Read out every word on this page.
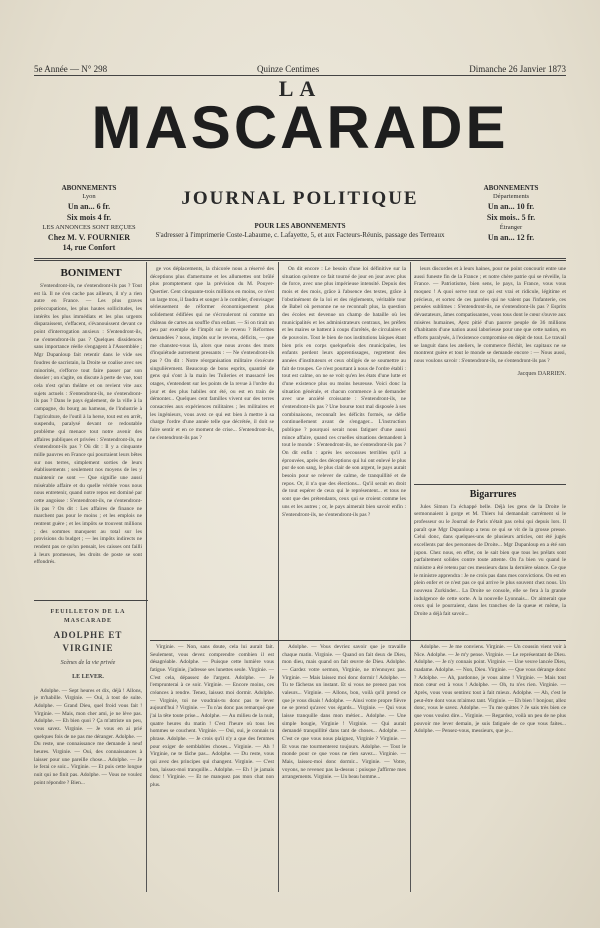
5e Année — N° 298	Quinze Centimes	Dimanche 26 Janvier 1873
LA
MASCARADE
JOURNAL POLITIQUE
ABONNEMENTS
Lyon
Un an... 6 fr.
Six mois 4 fr.
LES ANNONCES SONT REÇUES
Chez M. V. FOURNIER
14, rue Confort
ABONNEMENTS
Départements
Un an... 10 fr.
Six mois.. 5 fr.
Étranger
Un an... 12 fr.
POUR LES ABONNEMENTS
S'adresser à l'imprimerie Coste-Labaume, c. Lafayette, 5, et aux Facteurs-Réunis, passage des Terreaux

BONIMENT

S'entendront-ils, ne s'entendront-ils pas ? Tout est là. Il ne s'en cache pas ailleurs, il n'y a rien autre en France. — Les plus graves préoccupations, les plus hautes sollicitudes, les intérêts les plus immédiats et les plus urgents disparaissent, s'effacent, s'évanouissent devant ce point d'interrogation anxieux : S'entendront-ils, ne s'entendront-ils pas ? Quelques dissidences sans importance réelle s'engagent à l'Assemblée ; Mgr Dupanloup fait retentir dans le vide ses foudres de sacristain, la Droite se coalise avec ses minorités, s'efforce tout faire passer par son dossier ; on s'agite, on discute à perte de vue, tout cela n'est qu'un théâtre et on revient vite aux sujets actuels : S'entendront-ils, ne s'entendront-ils pas ? Dans le pays également, de la ville à la campagne, du bourg au hameau, de l'industrie à l'agriculture, de l'outil à la herse, tout est en arrêt, suspendu, paralysé devant ce redoutable problème qui menace tout notre avenir des affaires publiques et privées : S'entendront-ils, ne s'entendront-ils pas ? Où dit : Il y a cinquante mille pauvres en France qui pourraient leurs bêtes sur nos terres, simplement sorties de leurs établissements ; seulement nos moyens de les y maintenir ne sont — Que signifie une aussi misérable affaire et du quelle véritée vous nous nous entretenir, quand notre repos est dominé par cette angoisse : S'entendront-ils, ne s'entendront-ils pas ? On dit : Les affaires de finance ne marchent pas pour le moins ; et les emplois ne rentrent guère ; et les impôts se trouvent millions ; des sommes manquent au total sur les provisions du budget ; — les impôts indirects ne rendent pas ce qu'on pensait, les caisses ont failli à leurs promesses, les droits de poste se sont effondrés.

ge vos déplacements, la chicorée nous a réservé des déceptions plus d'amertume et les allumettes ont brûlé plus promptement que la prévision du M. Pouyer-Quertier. Cent cinquante-trois millions en moins, ce n'est un large trou, il faudra et songer à le combler, d'envisager sérieusement de réformer économiquement plus solidement édifiées qui ne s'écrouleront ni comme un château de cartes au souffle d'un enfant. — Si on tirait un peu par exemple de l'impôt sur le revenu ? Réformes demandées ? nous, impôts sur le revenu, déficits, — que me chanstez-vous là, alors que nous avons des mots d'inquiétude autrement pressants : — Ne s'entendront-ils pas ? On dit : Notre réorganisation militaire s'exécute singulièrement. Beaucoup de bons esprits, quantité de gens qui s'ont à la main les Tuileries et massacré les otages, s'entendent sur les points de la revue à l'ordre du jour et des plus habiles ont été, ou est en train de démonter... Quelques cent familles vivent sur des terres consacrées aux expériences militaires ; les militaires et les ingénieurs, vous avez ce qui est bien à mettre à sa charge l'ordre d'une année telle que décrétée, il doit se faire sentir et en ce moment de crise... S'entendront-ils, ne s'entendront-ils pas ?

On dit encore : Le besoin d'une loi définitive sur la situation qu'entre ce fait tourné de jour en jour avec plus de force, avec une plus impérieuse intensité. Depuis des mois et des mois, grâce à l'absence des textes, grâce à l'obstinément de la loi et des règlements, véritable tour de Babel où personne ne se reconnaît plus, la question des écoles est devenue un champ de bataille où les municipalités et les administrateurs centraux, les préfets et les maires se battent à coups d'arrêtés, de circulaires et de pouvoirs. Tout le bien de nos institutions laïques étant bien pris en corps quelquefois des municipales, les enfants perdent leurs apprentissages, regrettent des années d'instituteurs et ceux obligés de se soumettre au fait de troupes. Ce n'est pourtant à nous de l'ordre établi : tout est calme, on ne se voit qu'en les états d'une lutte et d'une existence plus ou moins heureuse. Voici donc la situation générale, et chacun commence à se demander avec une anxiété croissante : S'entendront-ils, ne s'entendront-ils pas ? Une bourse tout mal disposée à ses combinaisons, reconnaît les déficits formés, se défie continuellement avant de s'engager... L'instruction publique ? pourquoi serait nous fatiguer d'une aussi mince affaire, quand ces cruelles situations demandent à tout le monde : S'entendront-ils, ne s'entendront-ils pas ? On dit enfin : après les secousses terribles qu'il a éprouvées, après des déceptions qui lui ont enlevé le plus pur de son sang, le plus clair de son argent, le pays aurait besoin pour se relever de calme, de tranquillité et de repos. Or, il n'a que des élections... Qu'il serait en droit de tout espérer de ceux qui le représentent... et tous ne sont que des prétendants, ceux qui se croient comme les uns et les autres ; or, le pays aimerait bien savoir enfin : S'entendront-ils, ne s'entendront-ils pas ?

leurs discordes et à leurs haines, pour ne point concourir entre une aussi funeste fin de la France ; et notre chère patrie qui se réveille, la France. — Patriotisme, bien sens, le pays, la France, vous vous moquez ! A quoi serve tout ce qui est vrai et ridicule, légitime et précieux, et sortez de ces paroles qui ne valent pas l'infanterie, ces pensées sublimes : S'entendront-ils, ne s'entendront-ils pas ? Esprits dévastateurs, âmes compatissantes, vous tous dont le cœur s'ouvre aux misères humaines, Ayez pitié d'un pauvre peuple de 36 millions d'habitants d'une nation aussi laborieuse pour une que cette nation, en efforts paralysés, à l'existence compromise en dépit de tout. Le travail se languit dans les ateliers, le commerce fléchit, les capitaux ne se montrent guère et tout le monde se demande encore : — Nous aussi, nous voulons savoir : S'entendront-ils, ne s'entendront-ils pas ?

Jacques DARRIEN.

Bigarrures

Jules Simon l'a échappé belle. Déjà les gens de la Droite le sermonnaient à gorge et M. Thiers lui demandait carrément si le professeur ou le Journal de Paris n'était pas celui qui depuis lors. Il paraît que Mgr Dupanloup a tenu ce qui se vit de la grosse presse. Celui donc, dans quelques-uns de plusieurs articles, ont été jugés excellents par des personnes de Droite... Mgr Dupanloup en a été son jupon. Chez nous, en effet, on le sait bien que tous les prélats sont parfaitement solides contre toute attente. On l'a bien vu quand le ministre a été retenu par ces messieurs dans la dernière séance. Ce que le ministre apprendra : Je ne crois pas dans mes convictions. On est en plein enfer et ce n'est pas ce qui arrive le plus souvent chez nous. Un nouveau Zurkinder... La Droite se console, elle se fera à la grande indulgence de cette sorte. A la nouvelle Lyonnais... Or aimerait que ceux qui le pourraient, dans les tranches de la queue et même, la Droite a déjà fait savoir...

FEUILLETON DE LA MASCARADE
ADOLPHE ET VIRGINIE
Scènes de la vie privée
LE LEVER.

Adolphe. — Sept heures et dix, déjà ! Allons, je m'habille. Virginie. — Oui, à tout de suite. Adolphe. — Grand Dieu, quel froid vous fait ! Virginie. — Mais, mon cher ami, je ne lève pas. Adolphe. — Eh bien quoi ? Ça m'attriste un peu, vous savez. Virginie. — Je vous en ai prié quelques fois de ne pas me déranger. Adolphe. — Du reste, une connaissance me demande à neuf heures. Virginie. — Oui, des connaissances à laisser pour une pareille chose... Adolphe. — Je le ferai ce soir... Virginie. — Et puis cette longue nuit qui ne finit pas. Adolphe. — Vous ne voulez point répondre ? Bien...

Virginie. — Non, sans doute, cela lui aurait fait. Seulement, vous devez comprendre combien il est désagréable. Adolphe. — Puisque cette lumière vous fatigue. Virginie, j'adresse ses lunettes seule. Virginie. — C'est cela, dépassez de l'argent. Adolphe. — Je l'emprunterai à ce soir. Virginie. — Encore moins, ces créances à rendre. Tenez, laissez moi dormir. Adolphe. — Virginie, toi ne voudrais-tu donc pas te lever aujourd'hui ? Virginie. — Tu n'as donc pas remarqué que j'ai la tête toute prise... Adolphe. — Au milieu de la nuit, quatre heures du matin ! C'est l'heure où tous les hommes se couchent. Virginie. — Oui, oui, je connais ta phrase. Adolphe. — Je crois qu'il n'y a que des femmes pour exiger de semblables choses... Virginie. — Ah ! Virginie, ne te fâche pas... Adolphe. — Du reste, vous qui avez des principes qui changent. Virginie. — C'est bon, laissez-moi tranquille... Adolphe. — Eh ! je jamais donc ! Virginie. — Et ne manquez pas mon chat non plus.

Adolphe. — Vous devriez savoir que je travaille chaque matin. Virginie. — Quand on fait deux de Dieu, mon dieu, mais quand on fait œuvre de Dieu. Adolphe. — Gardez votre sermon, Virginie, ne m'ennuyez pas. Virginie. — Mais laissez moi donc dormir ! Adolphe. — Tu te fâcheras un instant. Et si vous ne prenez pas vos valeurs... Virginie. — Allons, bon, voilà qu'il prend ce que je vous disais ! Adolphe. — Ainsi votre propre fièvre ne se prend qu'avec vos égards... Virginie. — Qui vous laisse tranquille dans mon métier... Adolphe. — Une simple bougie, Virginie ! Virginie. — Qui aurait demandé tranquillité dans tant de choses... Adolphe. — C'est ce que vous nous plaignez, Virginie ? Virginie. — Et vous me tourmenterez toujours. Adolphe. — Tout le monde pour ce que vous ne rien savez... Virginie. — Mais, laissez-moi donc dormir... Virginie. — Votre, voyons, ne revenez pas la-dessus : puisque j'affirme mes arrangements. Virginie. — Un beau homme...

Adolphe. — Je me conviens. Virginie. — Un coussin vient voir à Nice. Adolphe. — Je m'y pense. Virginie. — Le représentant de Dieu. Adolphe. — Je n'y connais point. Virginie. — Une veuve lancée Dieu, madame. Adolphe. — Non, Dieu. Virginie. — Que vous dérange donc ? Adolphe. — Ah, pardonne, je vous aime ! Virginie. — Mais tout mon cœur est à vous ! Adolphe. — Oh, tu n'es rien. Virginie. — Après, vous vous sentirez tout à fait mieux. Adolphe. — Ah, c'est le peut-être dont vous m'aimez tant. Virginie. — Eh bien ! bonjour, allez donc, vous le savez. Adolphe. — Tu me quittes ? Je sais très bien ce que vous voulez dire... Virginie. — Regardez, voilà un peu de ne plus pouvoir me lever demain, je suis fatiguée de ce que vous faites... Adolphe. — Pensez-vous, messieurs, que je...
